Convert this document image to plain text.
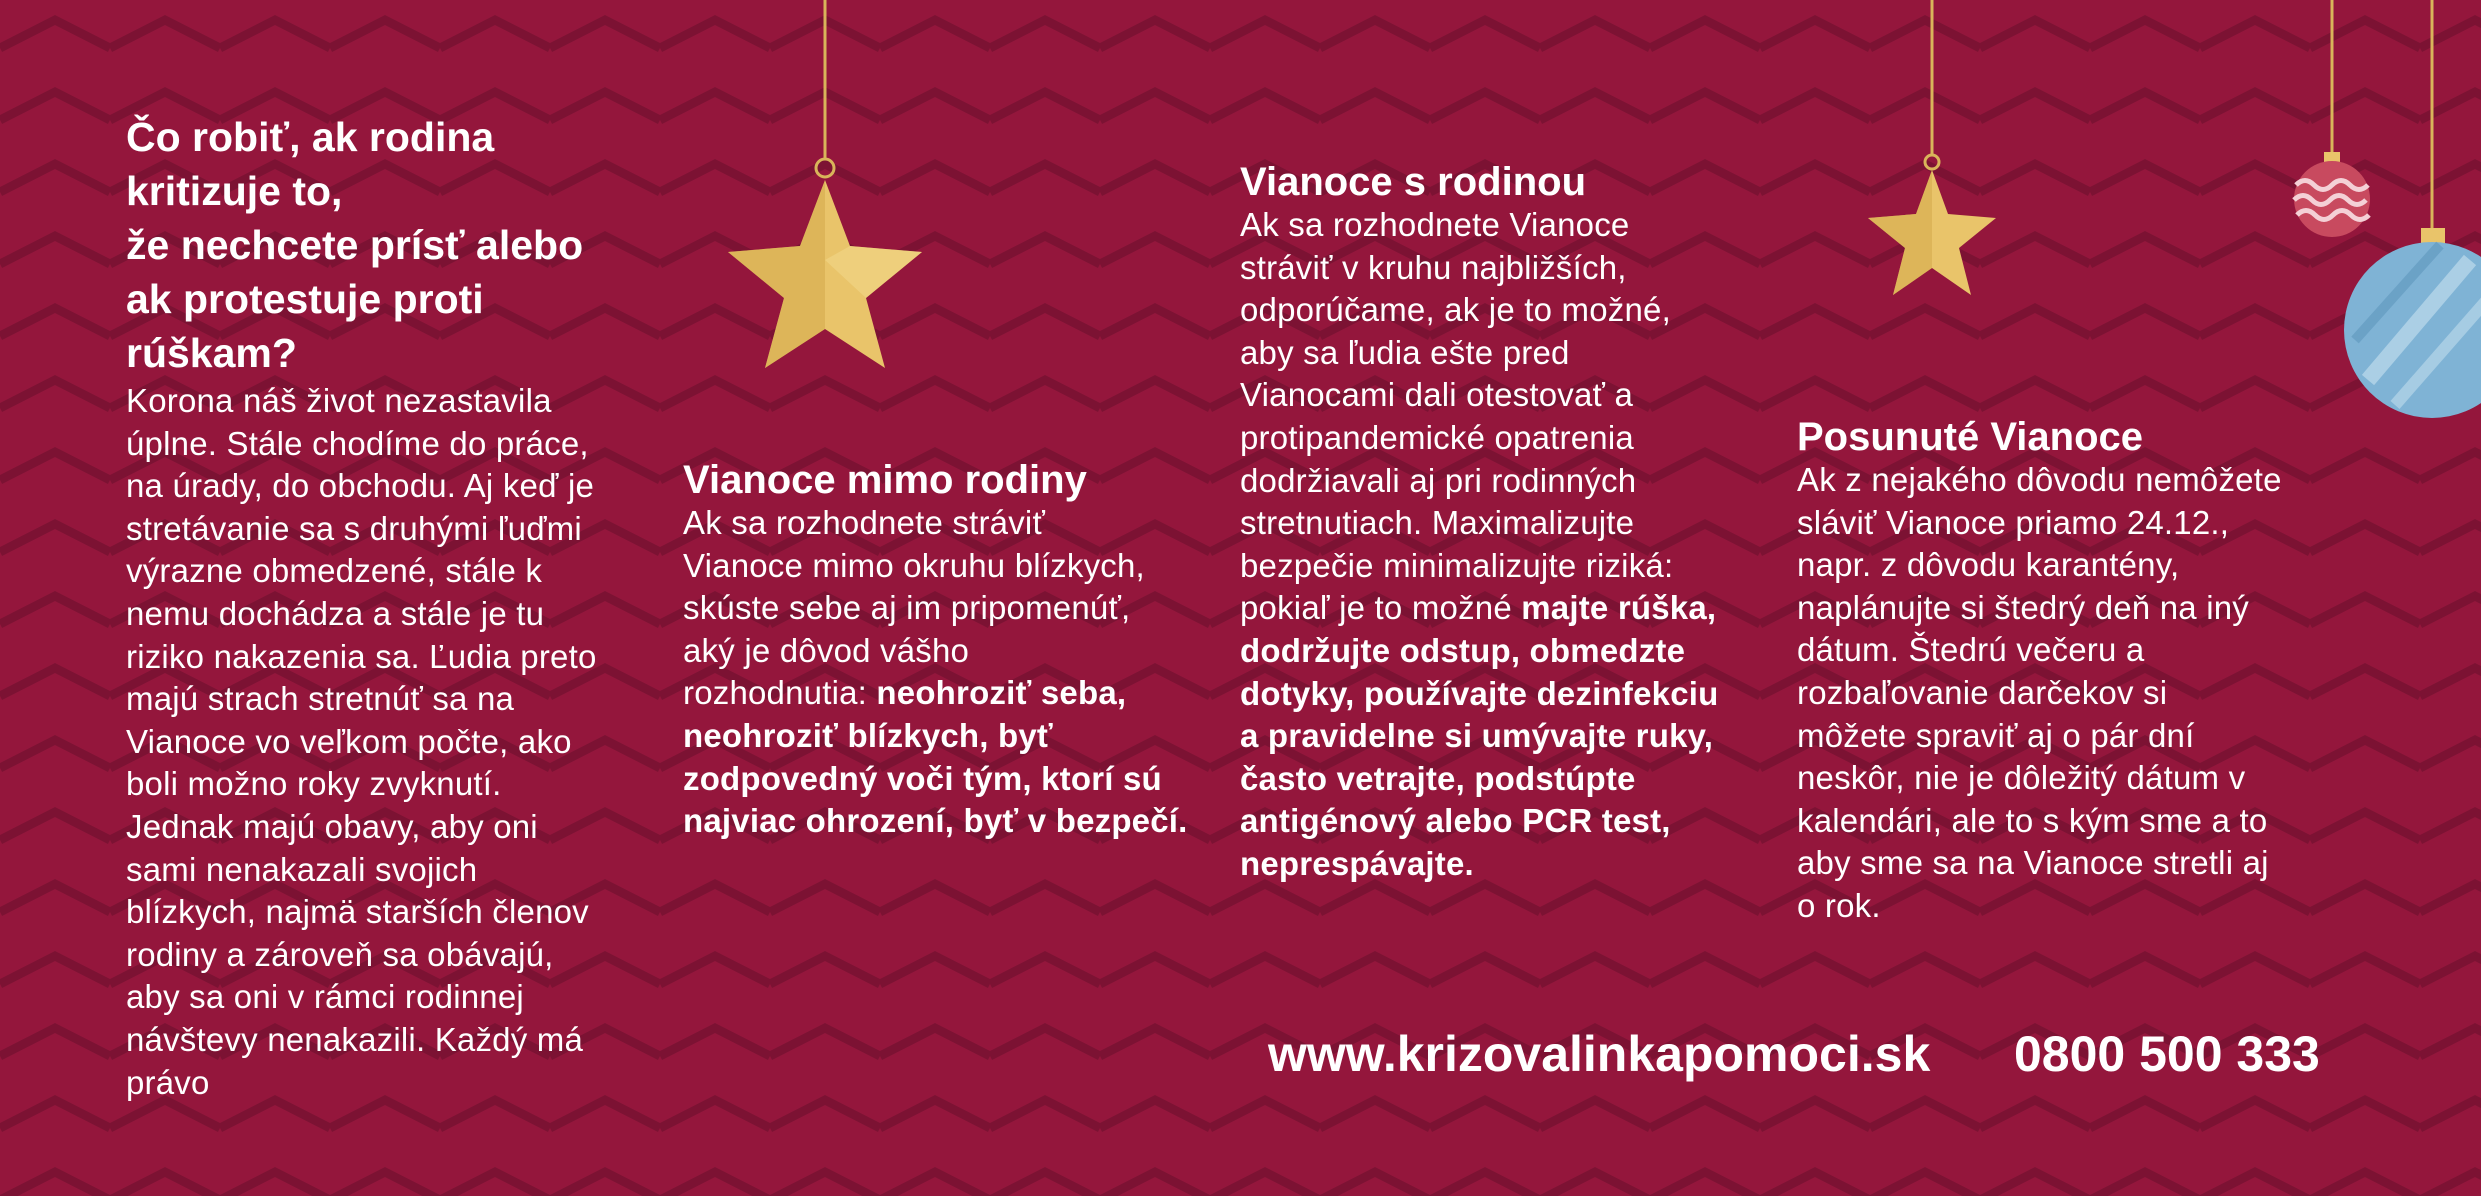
Čo robiť, ak rodina
kritizuje to,
že nechcete prísť alebo
ak protestuje proti
rúškam?

Korona náš život nezastavila
úplne. Stále chodíme do práce,
na úrady, do obchodu. Aj keď je
stretávanie sa s druhými ľuďmi
výrazne obmedzené, stále k
nemu dochádza a stále je tu
riziko nakazenia sa. Ľudia preto
majú strach stretnúť sa na
Vianoce vo veľkom počte, ako
boli možno roky zvyknutí.
Jednak majú obavy, aby oni
sami nenakazali svojich
blízkych, najmä starších členov
rodiny a zároveň sa obávajú,
aby sa oni v rámci rodinnej
návštevy nenakazili. Každý má
právo

Vianoce mimo rodiny

Ak sa rozhodnete stráviť
Vianoce mimo okruhu blízkych,
skúste sebe aj im pripomenúť,
aký je dôvod vášho
rozhodnutia: neohroziť seba,
neohroziť blízkych, byť
zodpovedný voči tým, ktorí sú
najviac ohrození, byť v bezpečí.

Vianoce s rodinou

Ak sa rozhodnete Vianoce
stráviť v kruhu najbližších,
odporúčame, ak je to možné,
aby sa ľudia ešte pred
Vianocami dali otestovať a
protipandemické opatrenia
dodržiavali aj pri rodinných
stretnutiach. Maximalizujte
bezpečie minimalizujte riziká:
pokiaľ je to možné majte rúška,
dodržujte odstup, obmedzte
dotyky, používajte dezinfekciu
a pravidelne si umývajte ruky,
často vetrajte, podstúpte
antigénový alebo PCR test,
neprespávajte.

Posunuté Vianoce

Ak z nejakého dôvodu nemôžete
sláviť Vianoce priamo 24.12.,
napr. z dôvodu karantény,
naplánujte si štedrý deň na iný
dátum. Štedrú večeru a
rozbaľovanie darčekov si
môžete spraviť aj o pár dní
neskôr, nie je dôležitý dátum v
kalendári, ale to s kým sme a to
aby sme sa na Vianoce stretli aj
o rok.

www.krizovalinkapomoci.sk 0800 500 333
